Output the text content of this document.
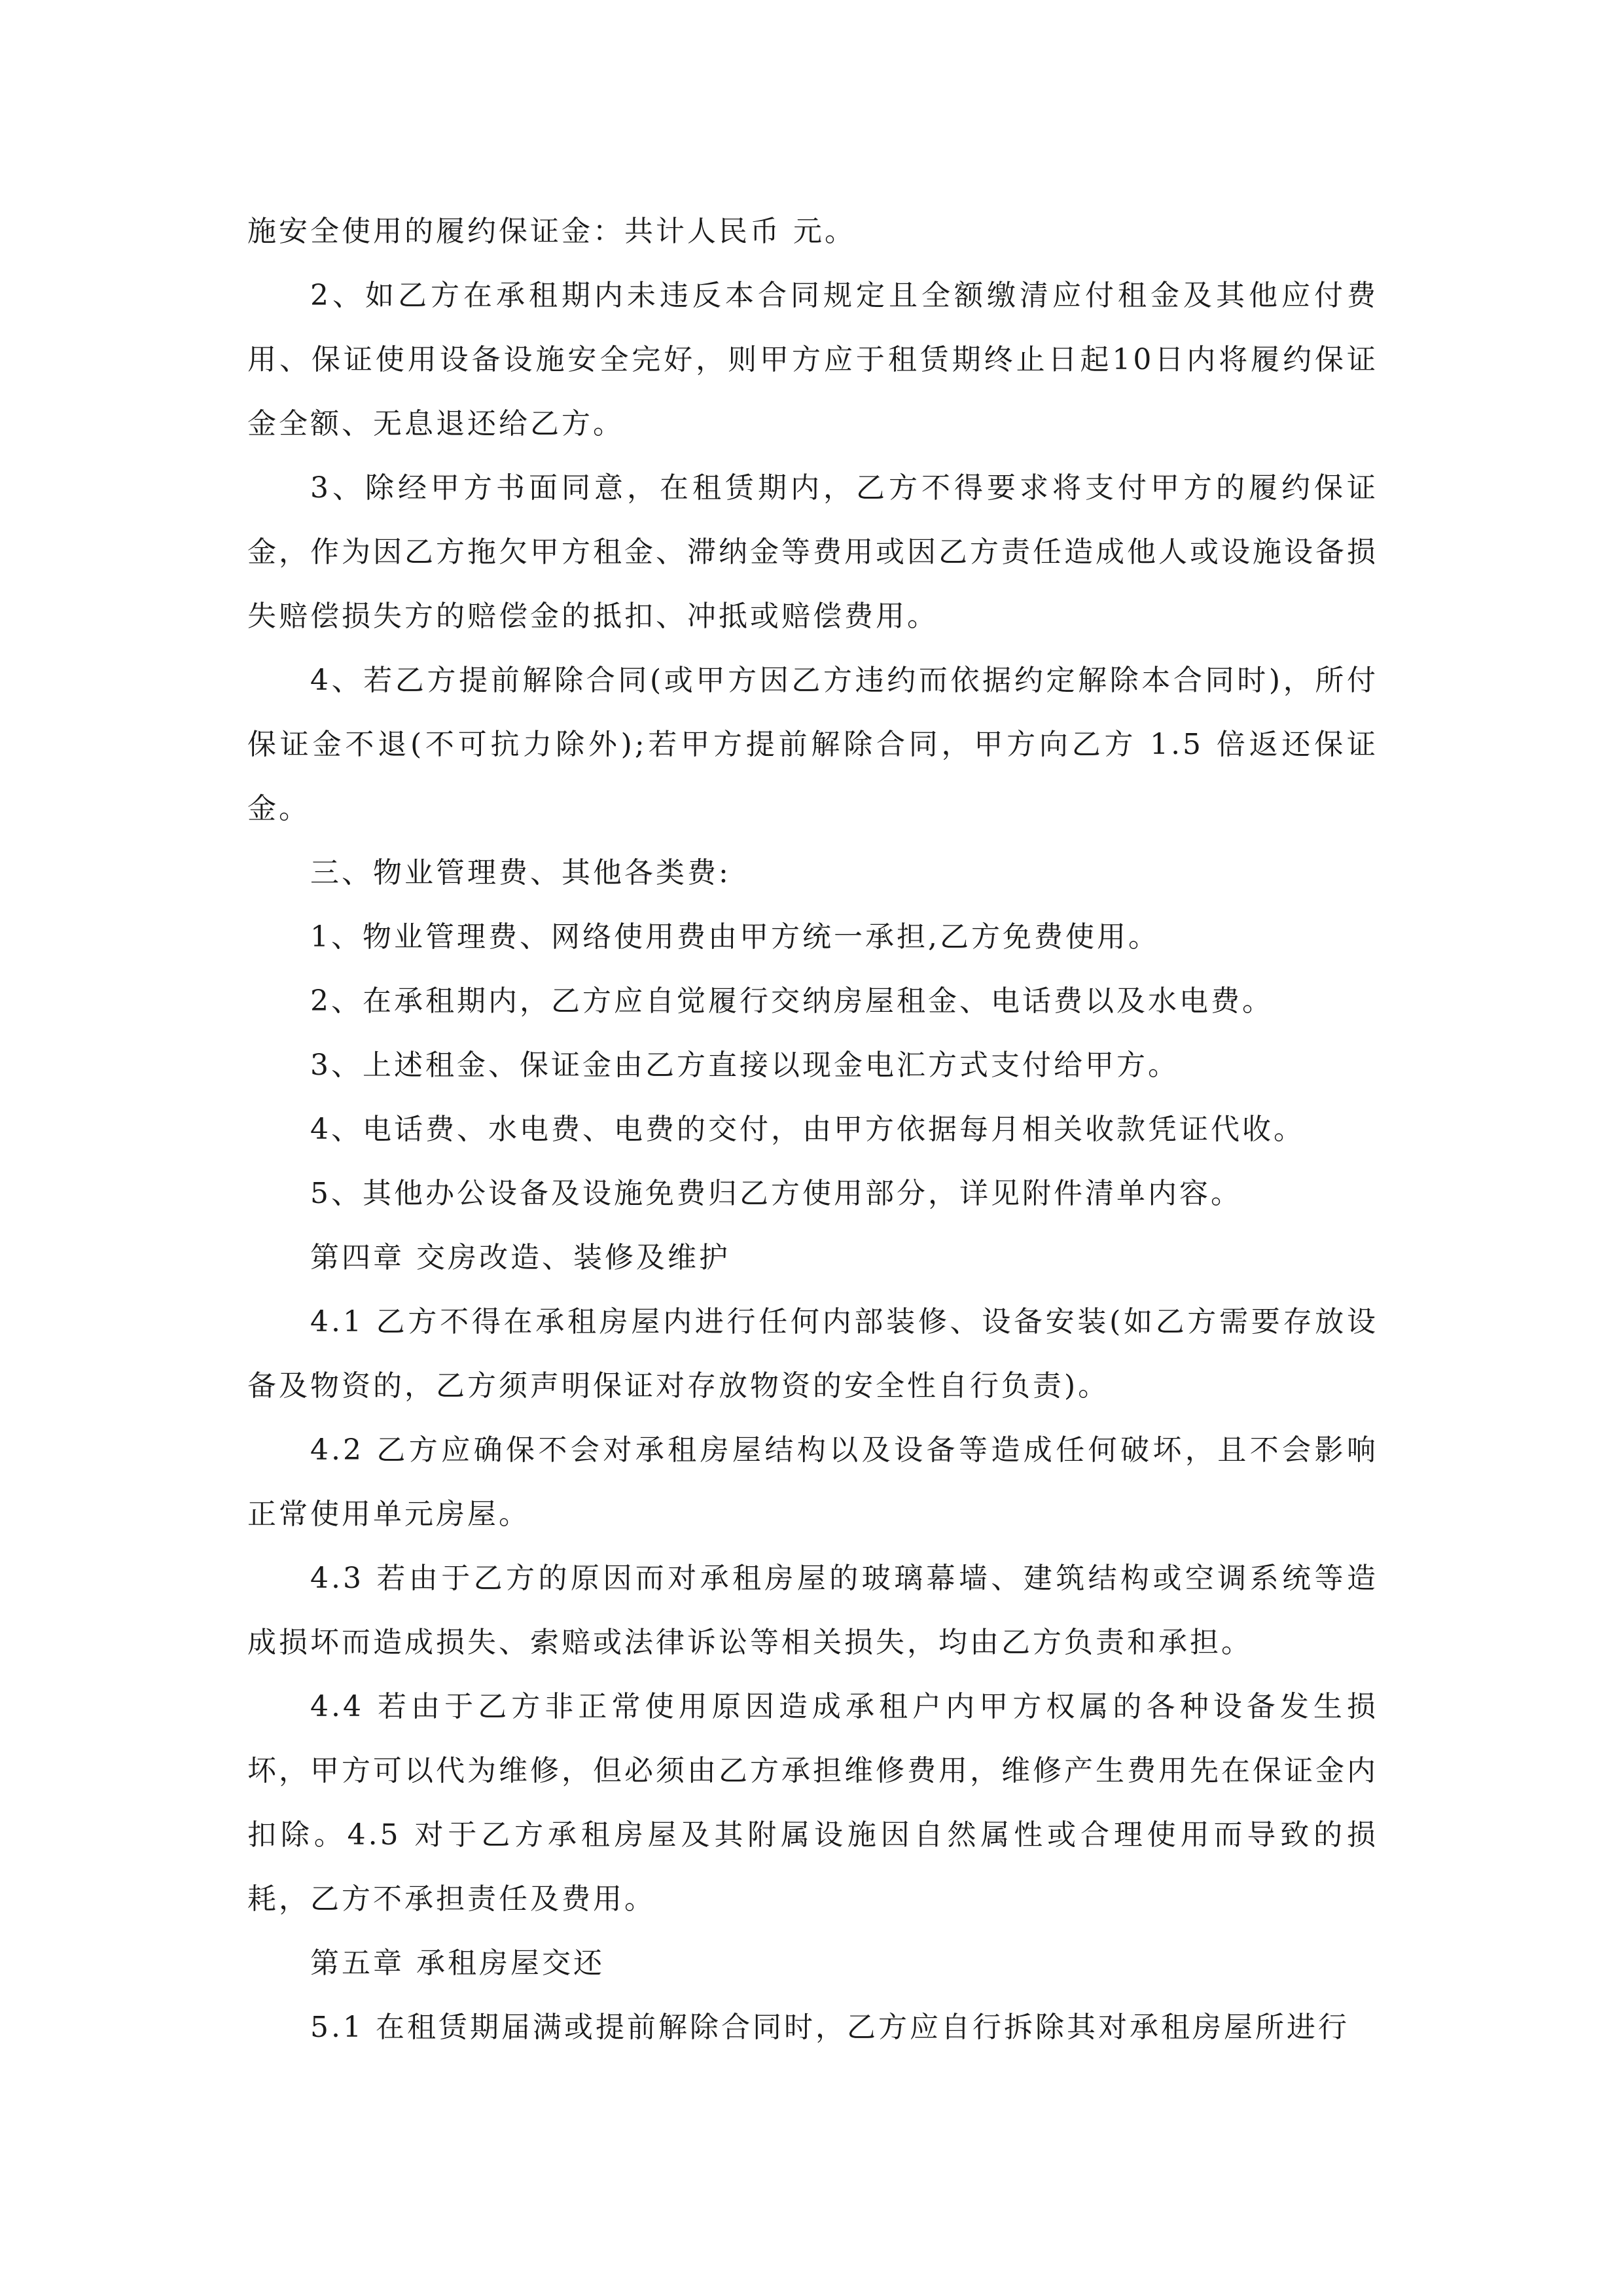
施安全使用的履约保证金：共计人民币 元。

2、如乙方在承租期内未违反本合同规定且全额缴清应付租金及其他应付费用、保证使用设备设施安全完好，则甲方应于租赁期终止日起10日内将履约保证金全额、无息退还给乙方。

3、除经甲方书面同意，在租赁期内，乙方不得要求将支付甲方的履约保证金，作为因乙方拖欠甲方租金、滞纳金等费用或因乙方责任造成他人或设施设备损失赔偿损失方的赔偿金的抵扣、冲抵或赔偿费用。

4、若乙方提前解除合同(或甲方因乙方违约而依据约定解除本合同时)，所付保证金不退(不可抗力除外);若甲方提前解除合同，甲方向乙方 1.5 倍返还保证金。

三、物业管理费、其他各类费:

1、物业管理费、网络使用费由甲方统一承担,乙方免费使用。

2、在承租期内，乙方应自觉履行交纳房屋租金、电话费以及水电费。

3、上述租金、保证金由乙方直接以现金电汇方式支付给甲方。

4、电话费、水电费、电费的交付，由甲方依据每月相关收款凭证代收。

5、其他办公设备及设施免费归乙方使用部分，详见附件清单内容。

第四章 交房改造、装修及维护

4.1 乙方不得在承租房屋内进行任何内部装修、设备安装(如乙方需要存放设备及物资的，乙方须声明保证对存放物资的安全性自行负责)。

4.2 乙方应确保不会对承租房屋结构以及设备等造成任何破坏，且不会影响正常使用单元房屋。

4.3 若由于乙方的原因而对承租房屋的玻璃幕墙、建筑结构或空调系统等造成损坏而造成损失、索赔或法律诉讼等相关损失，均由乙方负责和承担。

4.4 若由于乙方非正常使用原因造成承租户内甲方权属的各种设备发生损坏，甲方可以代为维修，但必须由乙方承担维修费用，维修产生费用先在保证金内扣除。4.5 对于乙方承租房屋及其附属设施因自然属性或合理使用而导致的损耗，乙方不承担责任及费用。

第五章 承租房屋交还

5.1 在租赁期届满或提前解除合同时，乙方应自行拆除其对承租房屋所进行
